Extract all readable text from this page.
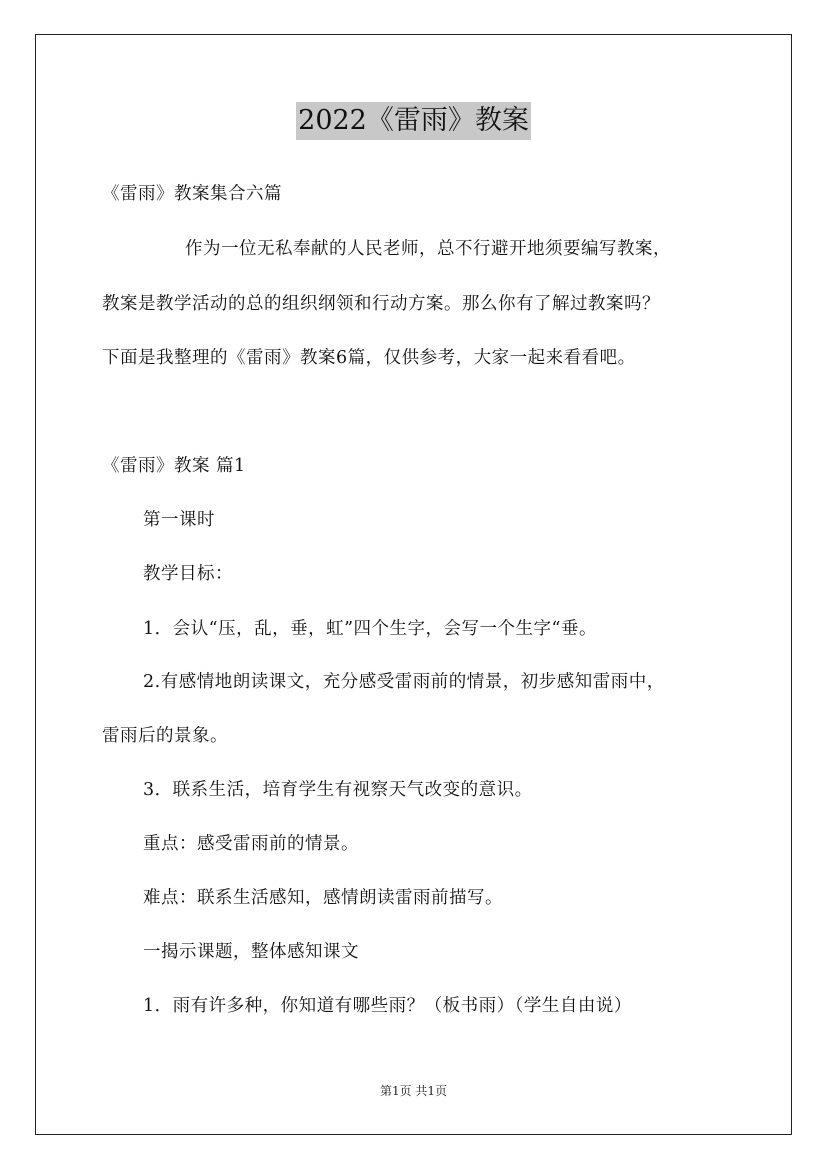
2022《雷雨》教案
《雷雨》教案集合六篇
作为一位无私奉献的人民老师，总不行避开地须要编写教案，
教案是教学活动的总的组织纲领和行动方案。那么你有了解过教案吗？
下面是我整理的《雷雨》教案6篇，仅供参考，大家一起来看看吧。
《雷雨》教案 篇1
第一课时
教学目标：
1．会认“压，乱，垂，虹”四个生字，会写一个生字“垂。
2.有感情地朗读课文，充分感受雷雨前的情景，初步感知雷雨中，
雷雨后的景象。
3．联系生活，培育学生有视察天气改变的意识。
重点：感受雷雨前的情景。
难点：联系生活感知，感情朗读雷雨前描写。
一揭示课题，整体感知课文
1．雨有许多种，你知道有哪些雨？（板书雨）（学生自由说）
第1页 共1页
